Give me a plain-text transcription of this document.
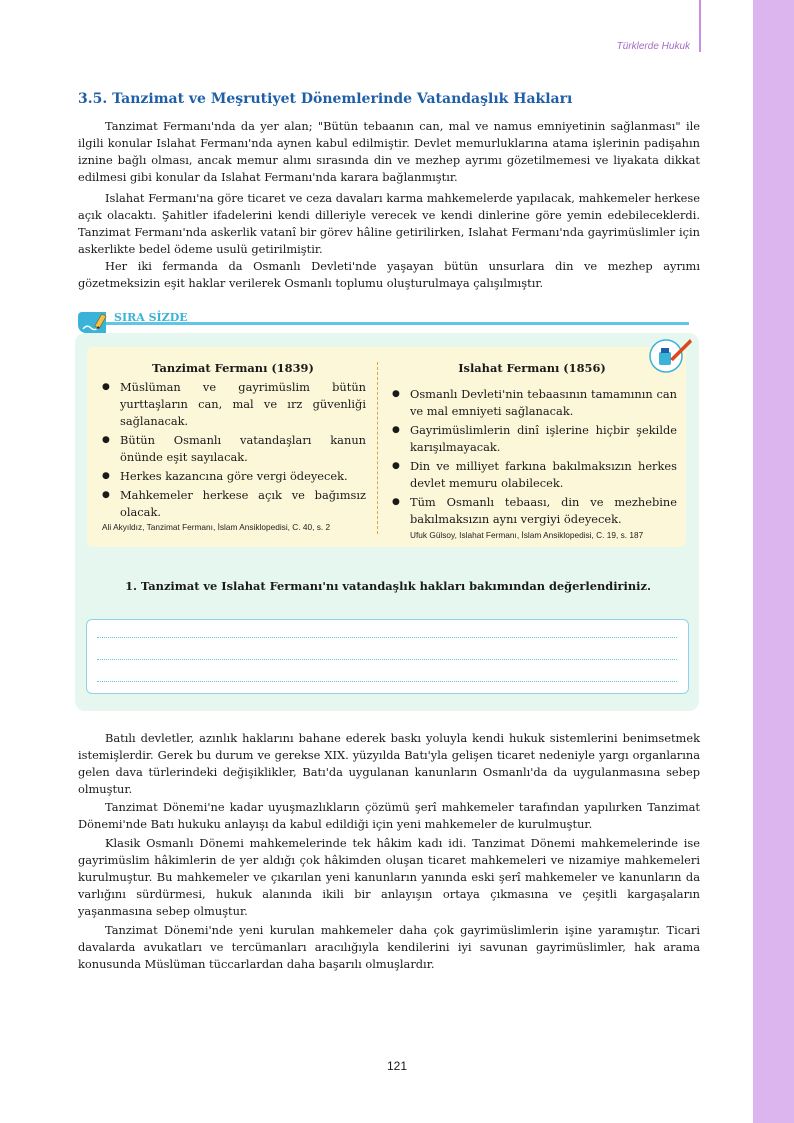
Türklerde Hukuk
3.5. Tanzimat ve Meşrutiyet Dönemlerinde Vatandaşlık Hakları

Tanzimat Fermanı'nda da yer alan; "Bütün tebaanın can, mal ve namus emniyetinin sağlanması" ile ilgili konular Islahat Fermanı'nda aynen kabul edilmiştir. Devlet memurluklarına atama işlerinin padişahın iznine bağlı olması, ancak memur alımı sırasında din ve mezhep ayrımı gözetilmemesi ve liyakata dikkat edilmesi gibi konular da Islahat Fermanı'nda karara bağlanmıştır.

Islahat Fermanı'na göre ticaret ve ceza davaları karma mahkemelerde yapılacak, mahkemeler herkese açık olacaktı. Şahitler ifadelerini kendi dilleriyle verecek ve kendi dinlerine göre yemin edebileceklerdi. Tanzimat Fermanı'nda askerlik vatanî bir görev hâline getirilirken, Islahat Fermanı'nda gayrimüslimler için askerlikte bedel ödeme usulü getirilmiştir.

Her iki fermanda da Osmanlı Devleti'nde yaşayan bütün unsurlara din ve mezhep ayrımı gözetmeksizin eşit haklar verilerek Osmanlı toplumu oluşturulmaya çalışılmıştır.

SIRA SİZDE
Tanzimat Fermanı (1839)
● Müslüman ve gayrimüslim bütün yurttaşların can, mal ve ırz güvenliği sağlanacak.
● Bütün Osmanlı vatandaşları kanun önünde eşit sayılacak.
● Herkes kazancına göre vergi ödeyecek.
● Mahkemeler herkese açık ve bağımsız olacak.
Ali Akyıldız, Tanzimat Fermanı, İslam Ansiklopedisi, C. 40, s. 2
Islahat Fermanı (1856)
● Osmanlı Devleti'nin tebaasının tamamının can ve mal emniyeti sağlanacak.
● Gayrimüslimlerin dinî işlerine hiçbir şekilde karışılmayacak.
● Din ve milliyet farkına bakılmaksızın herkes devlet memuru olabilecek.
● Tüm Osmanlı tebaası, din ve mezhebine bakılmaksızın aynı vergiyi ödeyecek.
Ufuk Gülsoy, Islahat Fermanı, İslam Ansiklopedisi, C. 19, s. 187

1. Tanzimat ve Islahat Fermanı'nı vatandaşlık hakları bakımından değerlendiriniz.

Batılı devletler, azınlık haklarını bahane ederek baskı yoluyla kendi hukuk sistemlerini benimsetmek istemişlerdir. Gerek bu durum ve gerekse XIX. yüzyılda Batı'yla gelişen ticaret nedeniyle yargı organlarına gelen dava türlerindeki değişiklikler, Batı'da uygulanan kanunların Osmanlı'da da uygulanmasına sebep olmuştur.

Tanzimat Dönemi'ne kadar uyuşmazlıkların çözümü şerî mahkemeler tarafından yapılırken Tanzimat Dönemi'nde Batı hukuku anlayışı da kabul edildiği için yeni mahkemeler de kurulmuştur.

Klasik Osmanlı Dönemi mahkemelerinde tek hâkim kadı idi. Tanzimat Dönemi mahkemelerinde ise gayrimüslim hâkimlerin de yer aldığı çok hâkimden oluşan ticaret mahkemeleri ve nizamiye mahkemeleri kurulmuştur. Bu mahkemeler ve çıkarılan yeni kanunların yanında eski şerî mahkemeler ve kanunların da varlığını sürdürmesi, hukuk alanında ikili bir anlayışın ortaya çıkmasına ve çeşitli kargaşaların yaşanmasına sebep olmuştur.

Tanzimat Dönemi'nde yeni kurulan mahkemeler daha çok gayrimüslimlerin işine yaramıştır. Ticari davalarda avukatları ve tercümanları aracılığıyla kendilerini iyi savunan gayrimüslimler, hak arama konusunda Müslüman tüccarlardan daha başarılı olmuşlardır.

121
